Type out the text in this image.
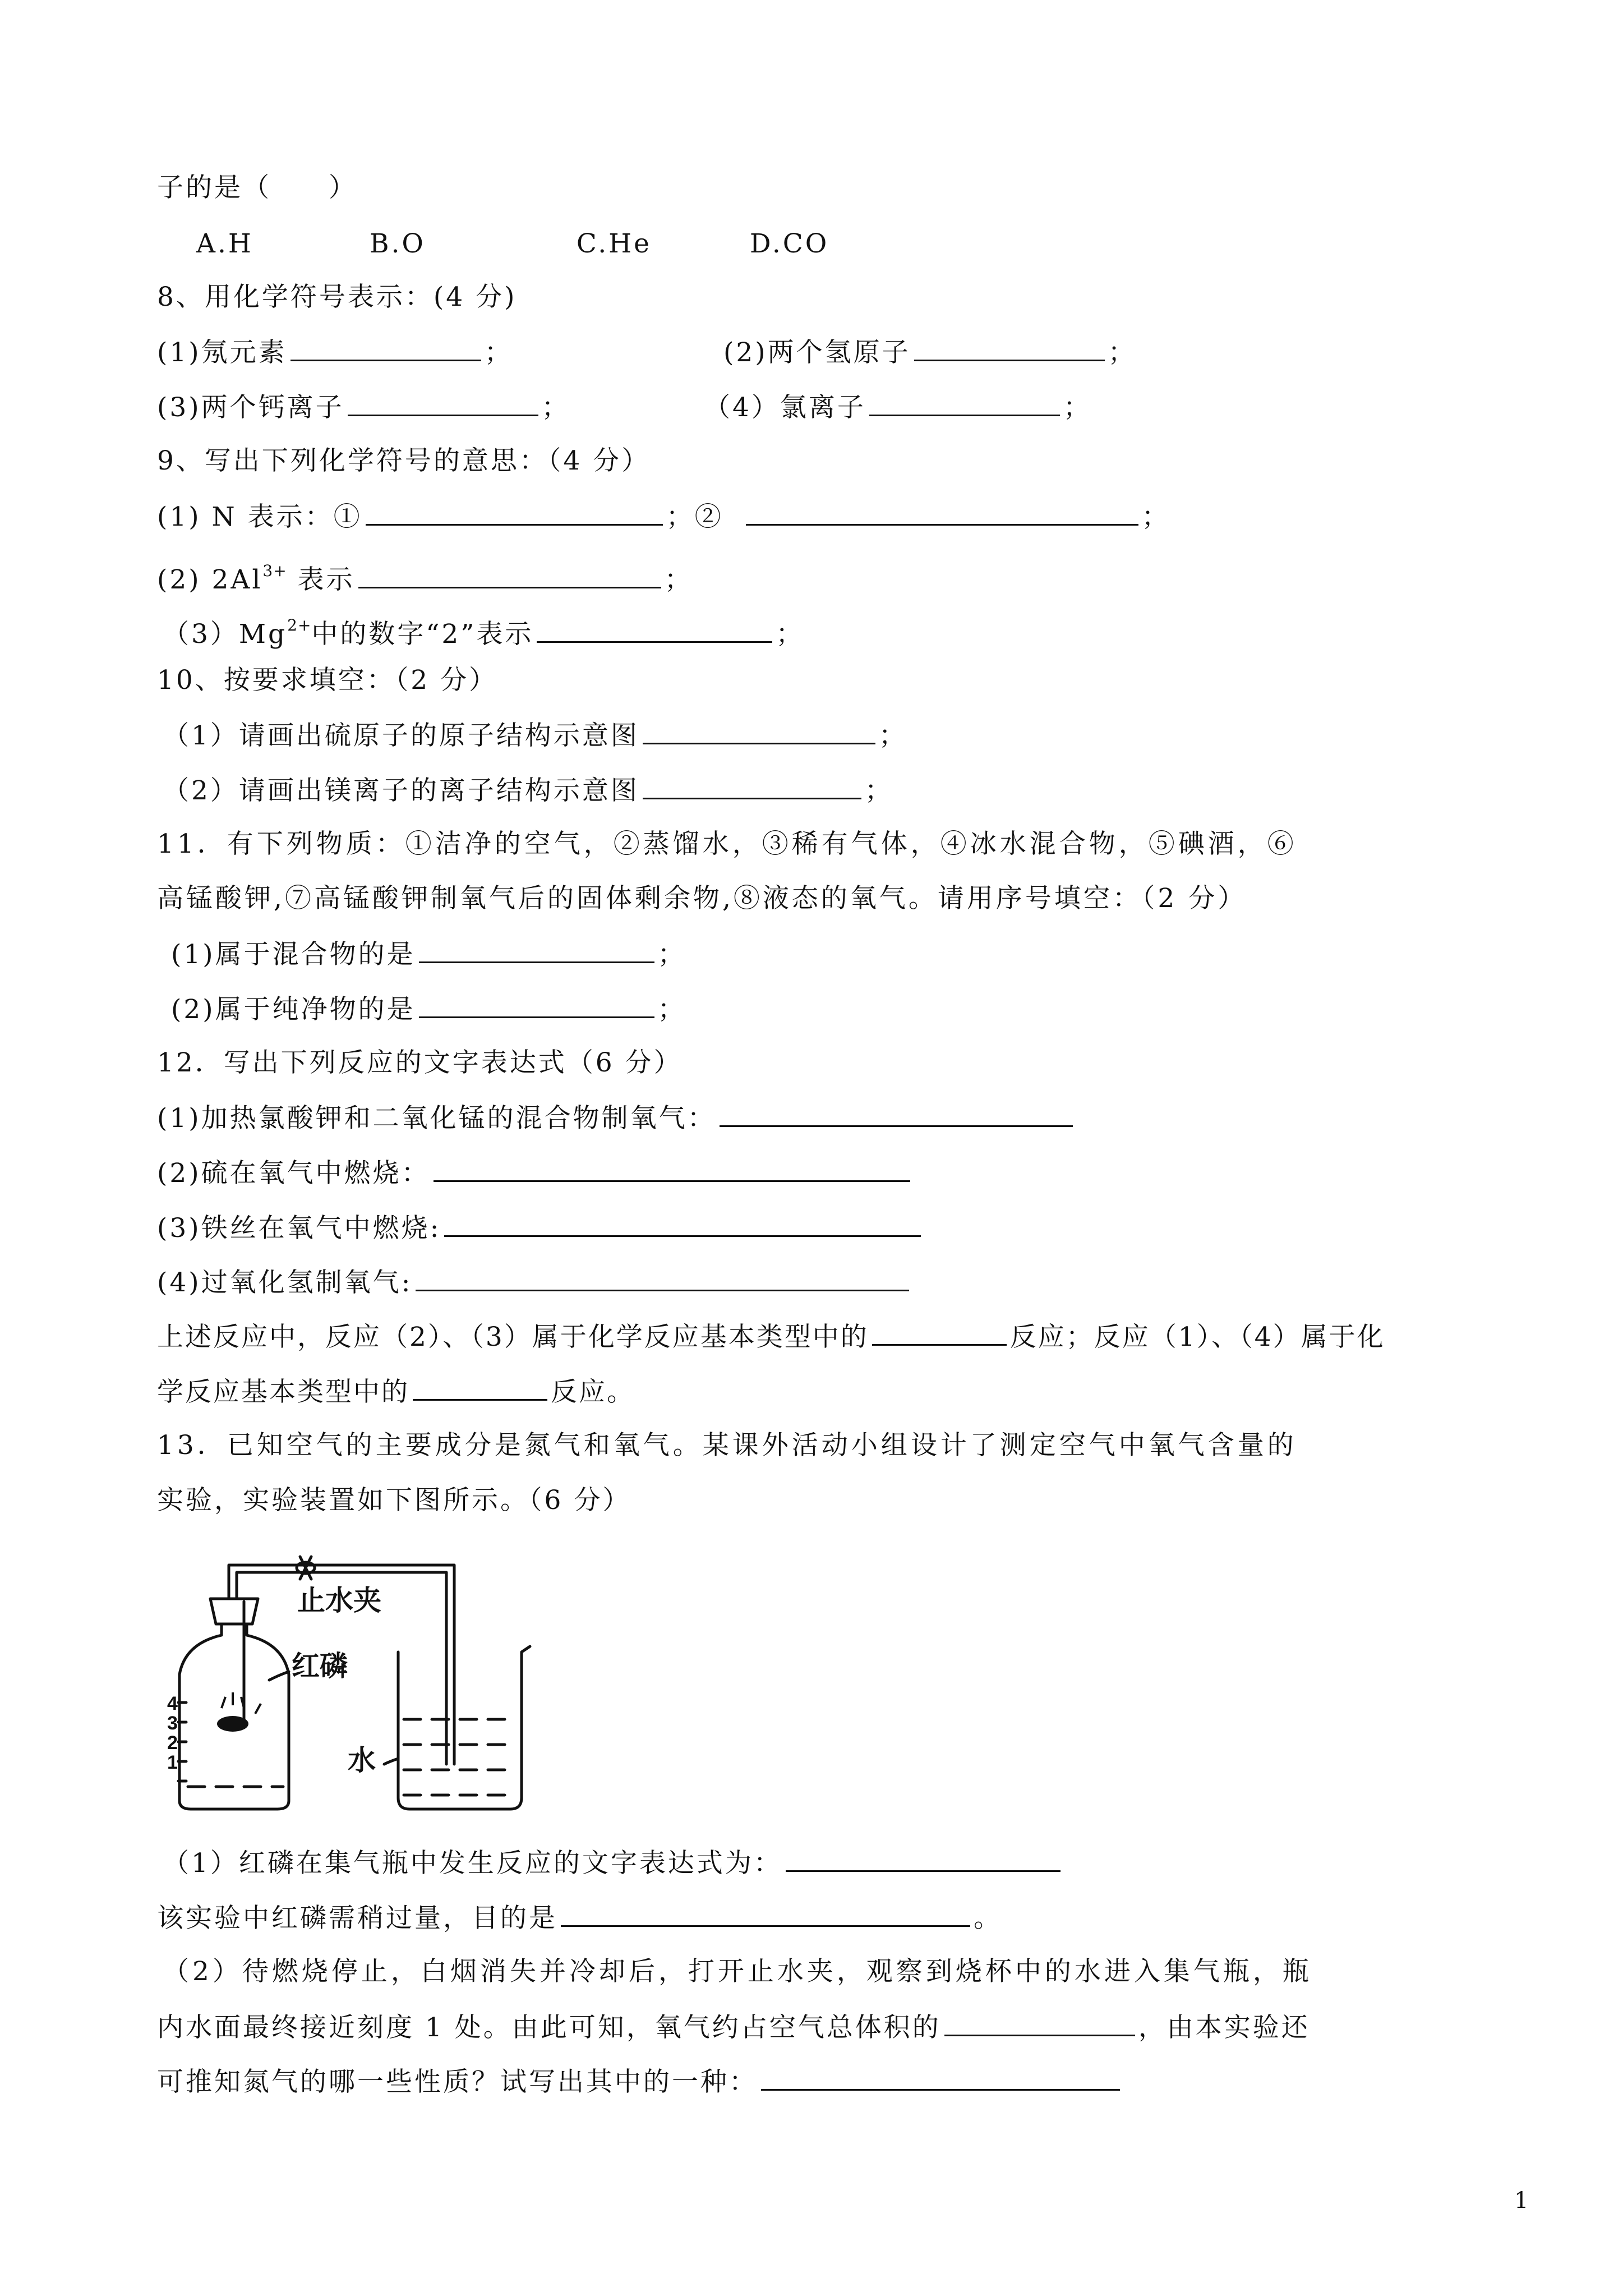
子的是（　　）
A.H	B.O	C.He	D.CO
8、用化学符号表示：(4 分)
(1)氖元素	；	(2)两个氢原子	；
(3)两个钙离子	；	（4）氯离子	；
9、写出下列化学符号的意思：（4 分）
(1) N 表示：①	；②	；
(2) $2Al^{3+}$ 表示	；
$(3)Mg^{2+}$中的数字“2”表示	；
10、按要求填空：（2 分）
（1）请画出硫原子的原子结构示意图	；
（2）请画出镁离子的离子结构示意图	；
11．有下列物质：①洁净的空气，②蒸馏水，③稀有气体，④冰水混合物，⑤碘酒，⑥
高锰酸钾,⑦高锰酸钾制氧气后的固体剩余物,⑧液态的氧气。请用序号填空：（2 分）
(1)属于混合物的是	；
(2)属于纯净物的是	；
12．写出下列反应的文字表达式（6 分）
(1)加热氯酸钾和二氧化锰的混合物制氧气：
(2)硫在氧气中燃烧：
(3)铁丝在氧气中燃烧:
(4)过氧化氢制氧气:
上述反应中，反应（2）、（3）属于化学反应基本类型中的	反应；反应（1）、（4）属于化
学反应基本类型中的	反应。
13．已知空气的主要成分是氮气和氧气。某课外活动小组设计了测定空气中氧气含量的
实验，实验装置如下图所示。（6 分）
4
3
2
1
止水夹
红磷
水
（1）红磷在集气瓶中发生反应的文字表达式为：
该实验中红磷需稍过量，目的是	。
（2）待燃烧停止，白烟消失并冷却后，打开止水夹，观察到烧杯中的水进入集气瓶，瓶
内水面最终接近刻度 1 处。由此可知，氧气约占空气总体积的	，由本实验还
可推知氮气的哪一些性质？试写出其中的一种：
1
